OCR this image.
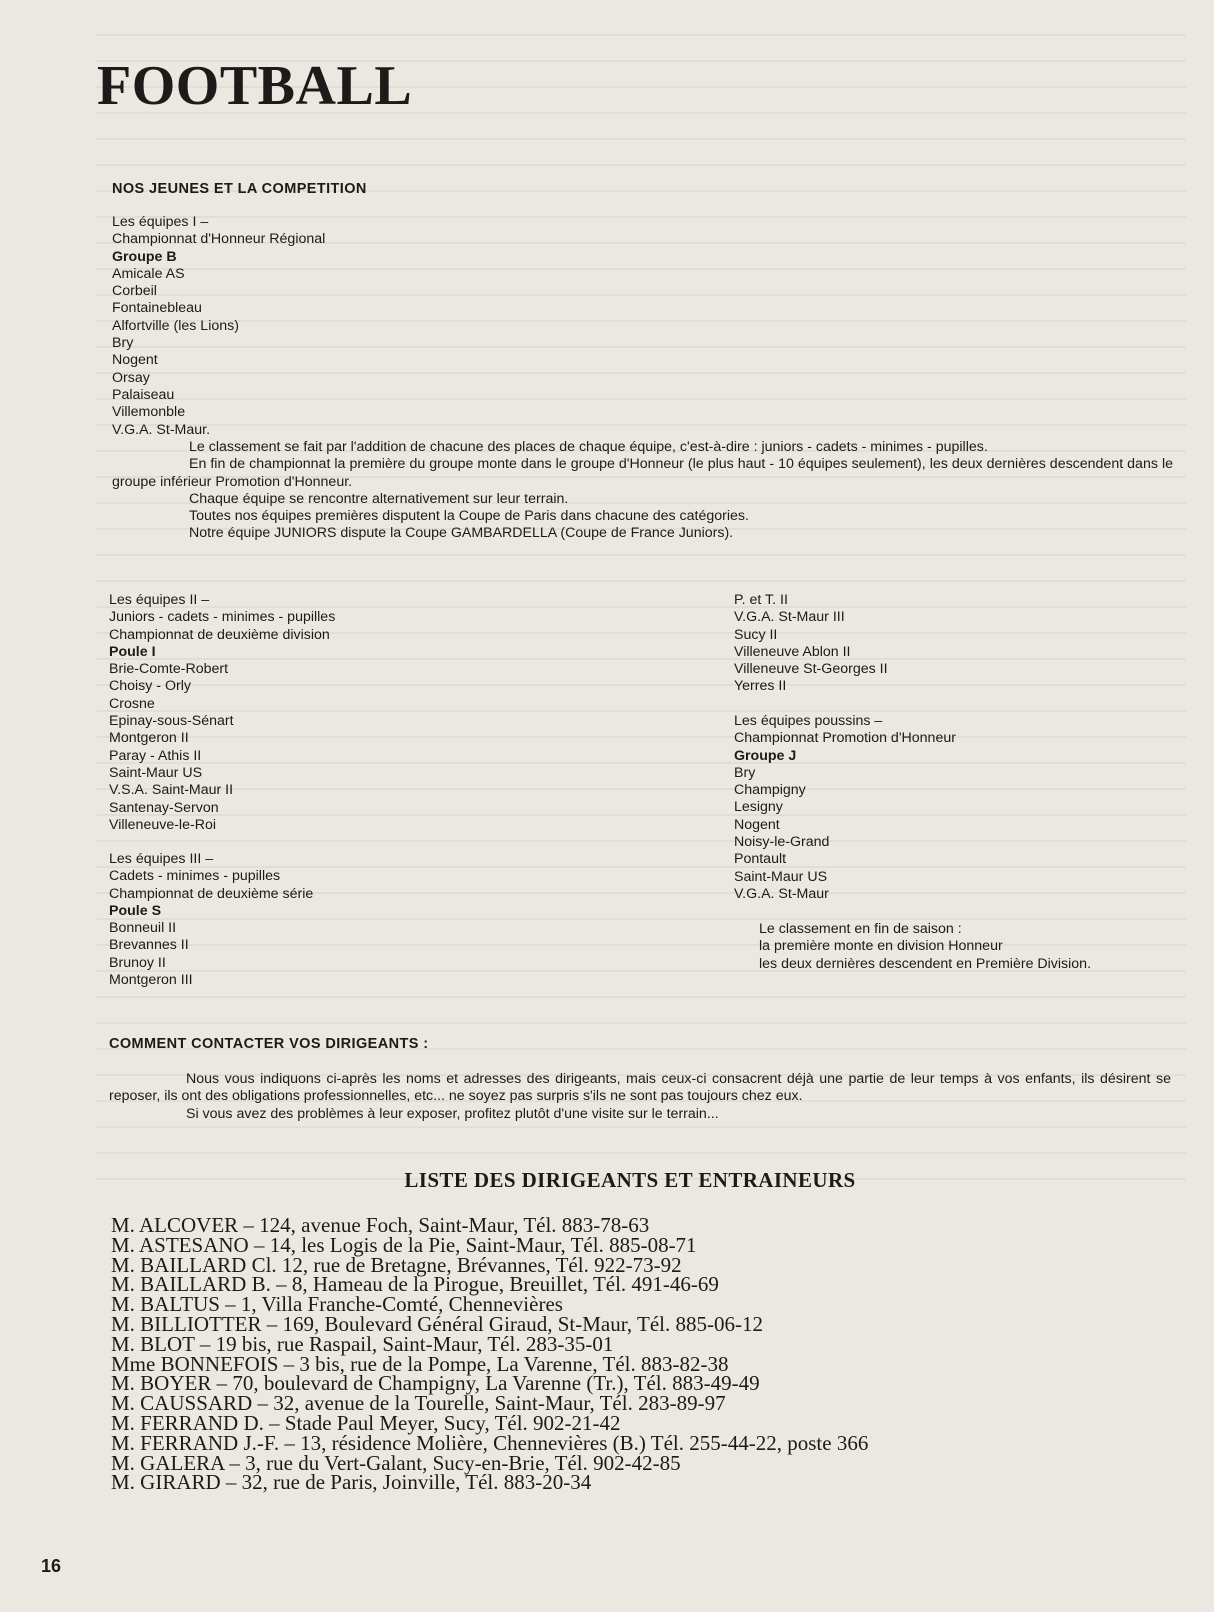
FOOTBALL
NOS JEUNES ET LA COMPETITION
Les équipes I –
Championnat d'Honneur Régional
Groupe B
Amicale AS
Corbeil
Fontainebleau
Alfortville (les Lions)
Bry
Nogent
Orsay
Palaiseau
Villemonble
V.G.A. St-Maur.

Le classement se fait par l'addition de chacune des places de chaque équipe, c'est-à-dire : juniors - cadets - minimes - pupilles.

En fin de championnat la première du groupe monte dans le groupe d'Honneur (le plus haut - 10 équipes seulement), les deux dernières descendent dans le groupe inférieur Promotion d'Honneur.

Chaque équipe se rencontre alternativement sur leur terrain.

Toutes nos équipes premières disputent la Coupe de Paris dans chacune des catégories.

Notre équipe JUNIORS dispute la Coupe GAMBARDELLA (Coupe de France Juniors).

Les équipes II –
Juniors - cadets - minimes - pupilles
Championnat de deuxième division
Poule I
Brie-Comte-Robert
Choisy - Orly
Crosne
Epinay-sous-Sénart
Montgeron II
Paray - Athis II
Saint-Maur US
V.S.A. Saint-Maur II
Santenay-Servon
Villeneuve-le-Roi
Les équipes III –
Cadets - minimes - pupilles
Championnat de deuxième série
Poule S
Bonneuil II
Brevannes II
Brunoy II
Montgeron III
P. et T. II
V.G.A. St-Maur III
Sucy II
Villeneuve Ablon II
Villeneuve St-Georges II
Yerres II
Les équipes poussins –
Championnat Promotion d'Honneur
Groupe J
Bry
Champigny
Lesigny
Nogent
Noisy-le-Grand
Pontault
Saint-Maur US
V.G.A. St-Maur
Le classement en fin de saison :
la première monte en division Honneur
les deux dernières descendent en Première Division.
COMMENT CONTACTER VOS DIRIGEANTS :

Nous vous indiquons ci-après les noms et adresses des dirigeants, mais ceux-ci consacrent déjà une partie de leur temps à vos enfants, ils désirent se reposer, ils ont des obligations professionnelles, etc... ne soyez pas surpris s'ils ne sont pas toujours chez eux.

Si vous avez des problèmes à leur exposer, profitez plutôt d'une visite sur le terrain...

LISTE DES DIRIGEANTS ET ENTRAINEURS
M. ALCOVER – 124, avenue Foch, Saint-Maur, Tél. 883-78-63
M. ASTESANO – 14, les Logis de la Pie, Saint-Maur, Tél. 885-08-71
M. BAILLARD Cl. 12, rue de Bretagne, Brévannes, Tél. 922-73-92
M. BAILLARD B. – 8, Hameau de la Pirogue, Breuillet, Tél. 491-46-69
M. BALTUS – 1, Villa Franche-Comté, Chennevières
M. BILLIOTTER – 169, Boulevard Général Giraud, St-Maur, Tél. 885-06-12
M. BLOT – 19 bis, rue Raspail, Saint-Maur, Tél. 283-35-01
Mme BONNEFOIS – 3 bis, rue de la Pompe, La Varenne, Tél. 883-82-38
M. BOYER – 70, boulevard de Champigny, La Varenne (Tr.), Tél. 883-49-49
M. CAUSSARD – 32, avenue de la Tourelle, Saint-Maur, Tél. 283-89-97
M. FERRAND D. – Stade Paul Meyer, Sucy, Tél. 902-21-42
M. FERRAND J.-F. – 13, résidence Molière, Chennevières (B.) Tél. 255-44-22, poste 366
M. GALERA – 3, rue du Vert-Galant, Sucy-en-Brie, Tél. 902-42-85
M. GIRARD – 32, rue de Paris, Joinville, Tél. 883-20-34
16
